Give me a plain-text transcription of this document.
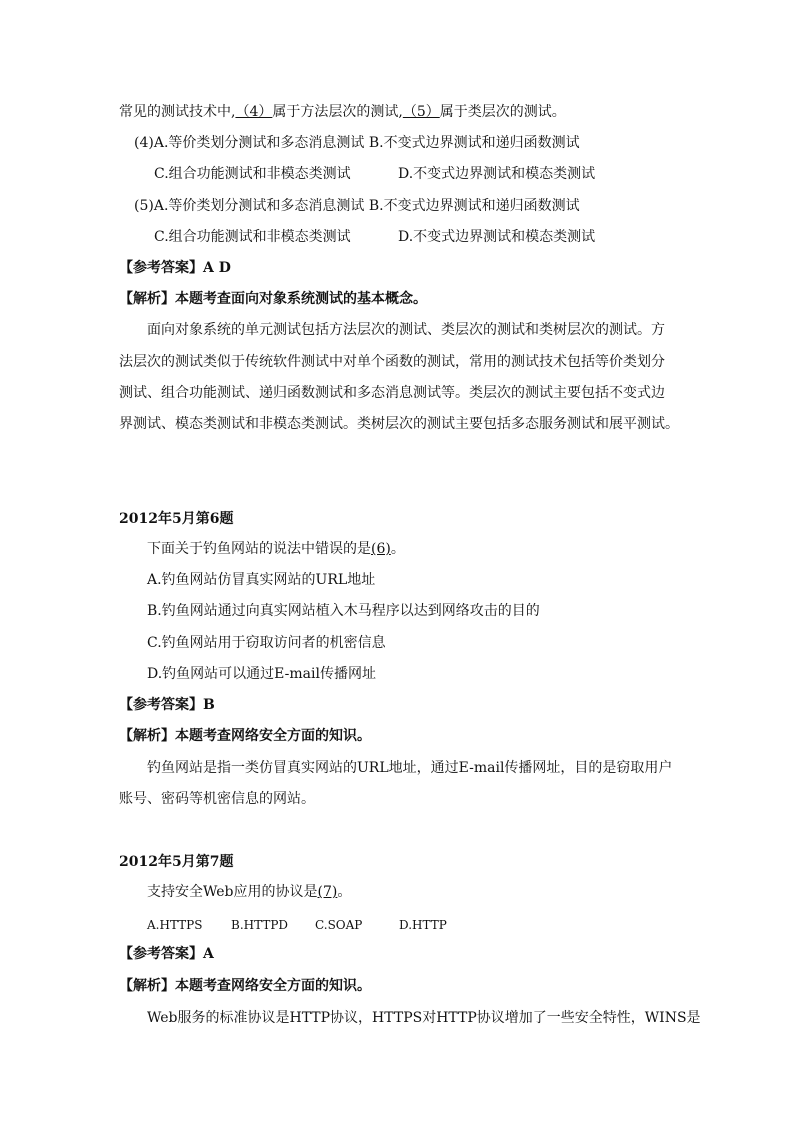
常见的测试技术中,（4）属于方法层次的测试,（5）属于类层次的测试。
(4)A.等价类划分测试和多态消息测试 B.不变式边界测试和递归函数测试
C.组合功能测试和非模态类测试	D.不变式边界测试和模态类测试
(5)A.等价类划分测试和多态消息测试 B.不变式边界测试和递归函数测试
C.组合功能测试和非模态类测试	D.不变式边界测试和模态类测试
【参考答案】A D
【解析】本题考查面向对象系统测试的基本概念。
面向对象系统的单元测试包括方法层次的测试、类层次的测试和类树层次的测试。方
法层次的测试类似于传统软件测试中对单个函数的测试，常用的测试技术包括等价类划分
测试、组合功能测试、递归函数测试和多态消息测试等。类层次的测试主要包括不变式边
界测试、模态类测试和非模态类测试。类树层次的测试主要包括多态服务测试和展平测试。
2012年5月第6题
下面关于钓鱼网站的说法中错误的是(6)。
A.钓鱼网站仿冒真实网站的URL地址
B.钓鱼网站通过向真实网站植入木马程序以达到网络攻击的目的
C.钓鱼网站用于窃取访问者的机密信息
D.钓鱼网站可以通过E-mail传播网址
【参考答案】B
【解析】本题考查网络安全方面的知识。
钓鱼网站是指一类仿冒真实网站的URL地址，通过E-mail传播网址，目的是窃取用户
账号、密码等机密信息的网站。
2012年5月第7题
支持安全Web应用的协议是(7)。
A.HTTPS B.HTTPD C.SOAP	D.HTTP
【参考答案】A
【解析】本题考查网络安全方面的知识。
Web服务的标准协议是HTTP协议，HTTPS对HTTP协议增加了一些安全特性，WINS是
